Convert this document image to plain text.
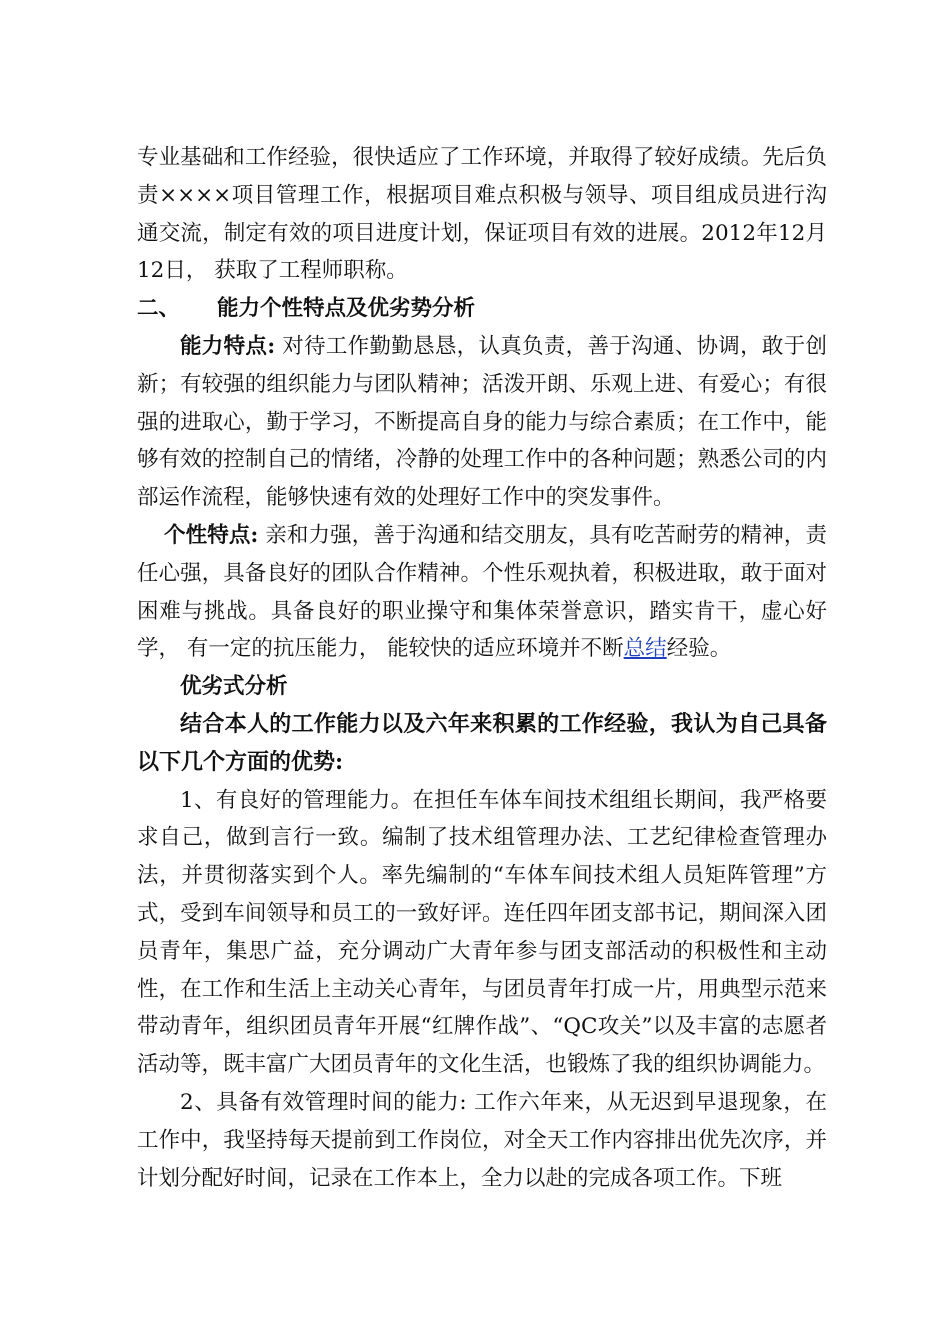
专业基础和工作经验，很快适应了工作环境，并取得了较好成绩。先后负责××××项目管理工作，根据项目难点积极与领导、项目组成员进行沟通交流，制定有效的项目进度计划，保证项目有效的进展。2012年12月12日， 获取了工程师职称。

二、 能力个性特点及优劣势分析

能力特点: 对待工作勤勤恳恳，认真负责，善于沟通、协调，敢于创新；有较强的组织能力与团队精神；活泼开朗、乐观上进、有爱心；有很强的进取心，勤于学习，不断提高自身的能力与综合素质；在工作中，能够有效的控制自己的情绪，冷静的处理工作中的各种问题；熟悉公司的内部运作流程，能够快速有效的处理好工作中的突发事件。

个性特点: 亲和力强，善于沟通和结交朋友，具有吃苦耐劳的精神，责任心强，具备良好的团队合作精神。个性乐观执着，积极进取，敢于面对困难与挑战。具备良好的职业操守和集体荣誉意识，踏实肯干，虚心好学， 有一定的抗压能力， 能较快的适应环境并不断总结经验。

优劣式分析

结合本人的工作能力以及六年来积累的工作经验，我认为自己具备以下几个方面的优势:

1、有良好的管理能力。在担任车体车间技术组组长期间，我严格要求自己，做到言行一致。编制了技术组管理办法、工艺纪律检查管理办法，并贯彻落实到个人。率先编制的“车体车间技术组人员矩阵管理”方式，受到车间领导和员工的一致好评。连任四年团支部书记，期间深入团员青年，集思广益，充分调动广大青年参与团支部活动的积极性和主动性，在工作和生活上主动关心青年，与团员青年打成一片，用典型示范来带动青年，组织团员青年开展“红牌作战”、“QC攻关”以及丰富的志愿者活动等，既丰富广大团员青年的文化生活，也锻炼了我的组织协调能力。

2、具备有效管理时间的能力: 工作六年来，从无迟到早退现象，在工作中，我坚持每天提前到工作岗位，对全天工作内容排出优先次序，并计划分配好时间，记录在工作本上，全力以赴的完成各项工作。下班
